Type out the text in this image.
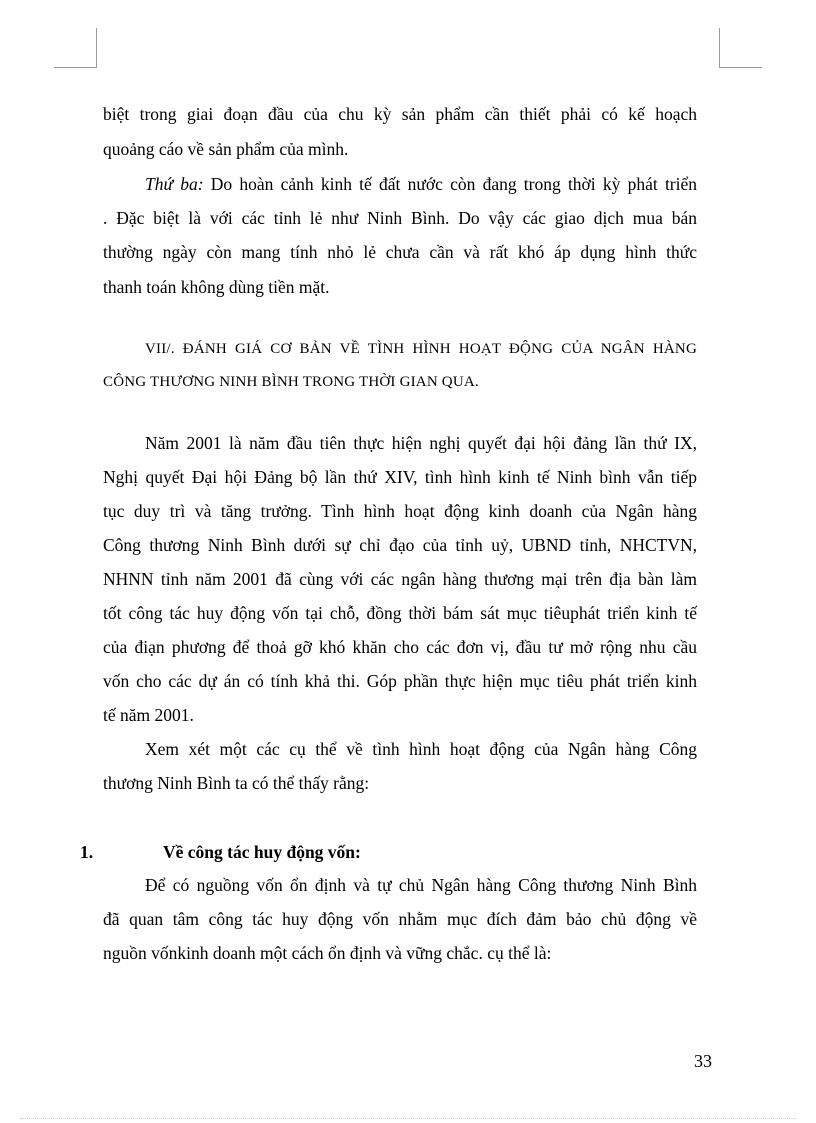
biệt trong giai đoạn đầu của chu kỳ sản phẩm cần thiết phải có kế hoạch
quoảng cáo về sản phẩm của mình.
Thứ ba: Do hoàn cảnh kinh tế đất nước còn đang trong thời kỳ phát triển
. Đặc biệt là với các tỉnh lẻ như Ninh Bình. Do vậy các giao dịch mua bán
thường ngày còn mang tính nhỏ lẻ chưa cần và rất khó áp dụng hình thức
thanh toán không dùng tiền mặt.
VII/. ĐÁNH GIÁ CƠ BẢN VỀ TÌNH HÌNH HOẠT ĐỘNG CỦA NGÂN HÀNG
CÔNG THƯƠNG NINH BÌNH TRONG THỜI GIAN QUA.
Năm 2001 là năm đầu tiên thực hiện nghị quyết đại hội đảng lần thứ IX,
Nghị quyết Đại hội Đảng bộ lần thứ XIV, tình hình kinh tế Ninh bình vẫn tiếp
tục duy trì và tăng trưởng. Tình hình hoạt động kinh doanh của Ngân hàng
Công thương Ninh Bình dưới sự chỉ đạo của tỉnh uỷ, UBND tỉnh, NHCTVN,
NHNN tỉnh năm 2001 đã cùng với các ngân hàng thương mại trên địa bàn làm
tốt công tác huy động vốn tại chỗ, đồng thời bám sát mục tiêuphát triển kinh tế
của điạn phương để thoả gỡ khó khăn cho các đơn vị, đầu tư mở rộng nhu cầu
vốn cho các dự án có tính khả thi. Góp phần thực hiện mục tiêu phát triển kinh
tế năm 2001.
Xem xét một các cụ thể về tình hình hoạt động của Ngân hàng Công
thương Ninh Bình ta có thể thấy rằng:
1.	Về công tác huy động vốn:
Để có nguồng vốn ổn định và tự chủ Ngân hàng Công thương Ninh Bình
đã quan tâm công tác huy động vốn nhằm mục đích đảm bảo chủ động về
nguồn vốnkinh doanh một cách ổn định và vững chắc. cụ thể là:
33
